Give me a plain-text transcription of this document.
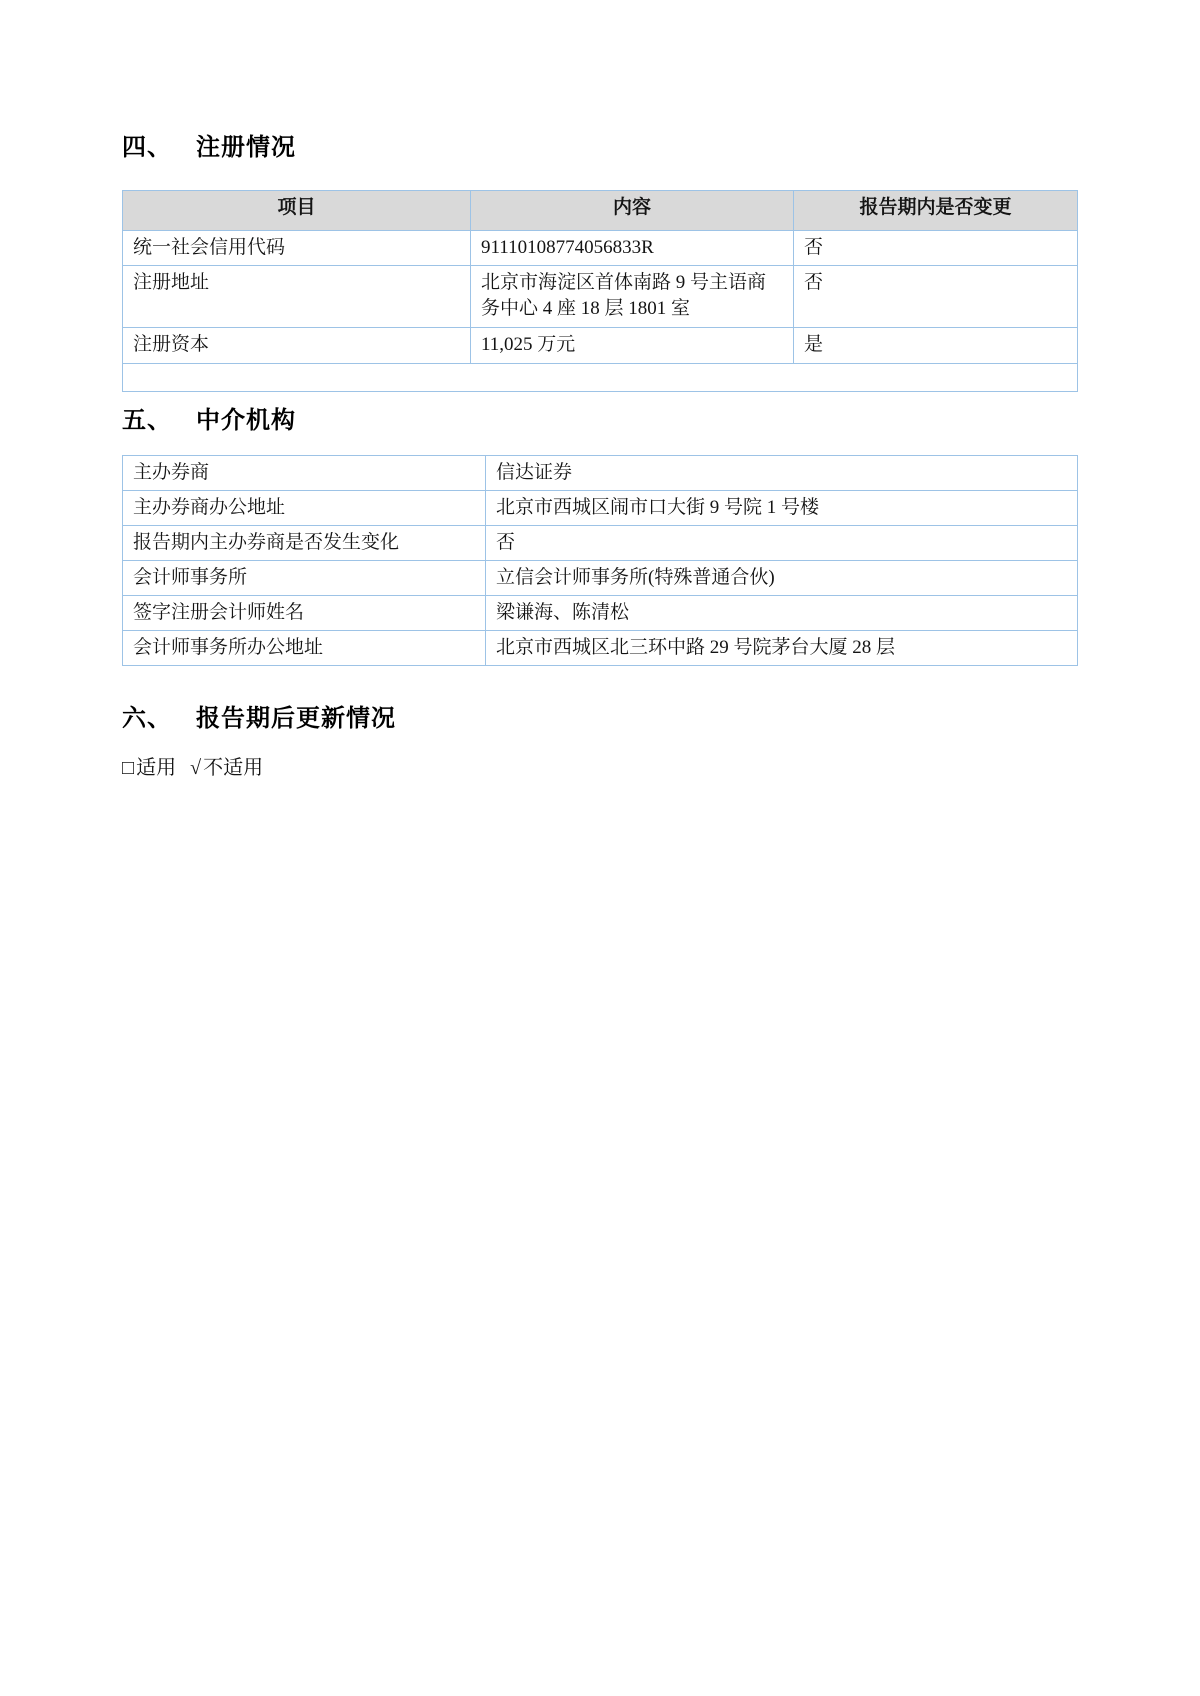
四、 注册情况
项目	内容	报告期内是否变更
统一社会信用代码	91110108774056833R	否
注册地址	北京市海淀区首体南路 9 号主语商务中心 4 座 18 层 1801 室	否
注册资本	11,025 万元	是

五、 中介机构
主办券商	信达证券
主办券商办公地址	北京市西城区闹市口大街 9 号院 1 号楼
报告期内主办券商是否发生变化	否
会计师事务所	立信会计师事务所(特殊普通合伙)
签字注册会计师姓名	梁谦海、陈清松
会计师事务所办公地址	北京市西城区北三环中路 29 号院茅台大厦 28 层
六、 报告期后更新情况
□ 适用 √ 不适用
